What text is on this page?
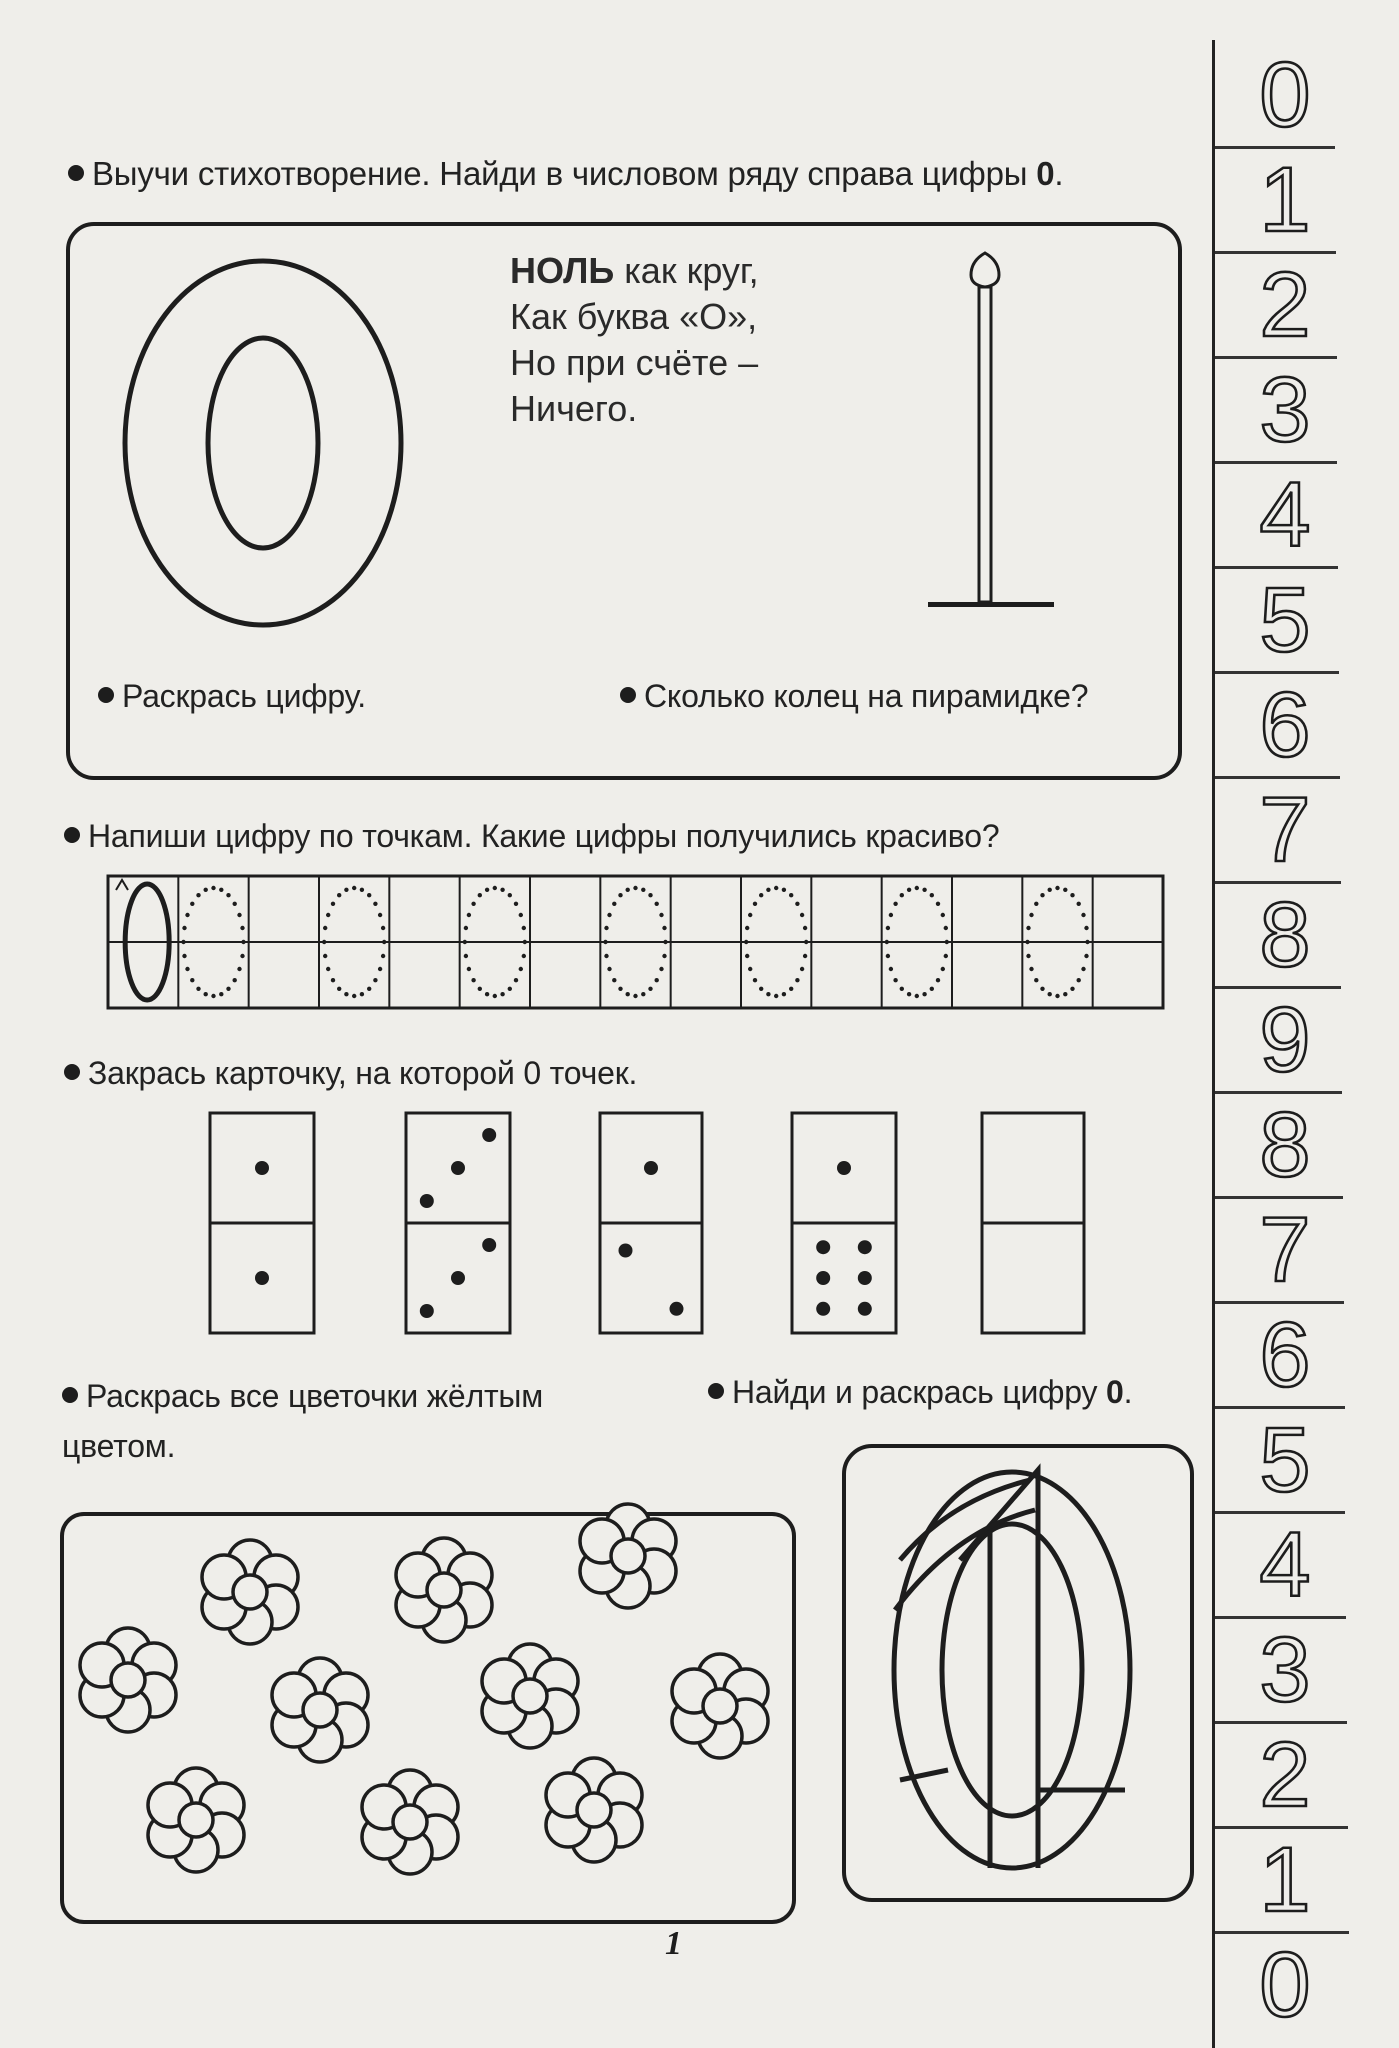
Выучи стихотворение. Найди в числовом ряду справа цифры 0.
НОЛЬ как круг,
Как буква «О»,
Но при счёте –
Ничего.
Раскрась цифру.	Сколько колец на пирамидке?
Напиши цифру по точкам. Какие цифры получились красиво?
Закрась карточку, на которой 0 точек.
Раскрась все цветочки жёлтым
цветом.
Найди и раскрась цифру 0.
1
0
1
2
3
4
5
6
7
8
9
8
7
6
5
4
3
2
1
0
